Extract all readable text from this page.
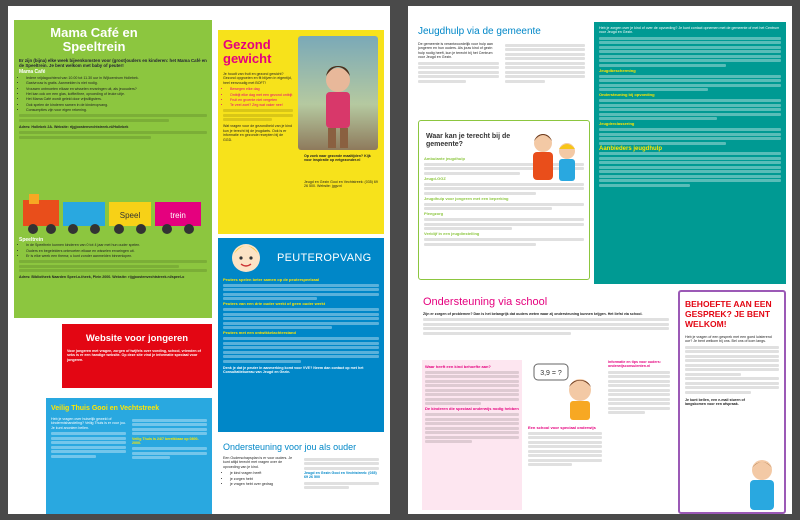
Mama Café en Speeltrein
Er zijn (bijna) elke week bijeenkomsten voor (groot)ouders en kinderen: het Mama Café en de Speeltrein. Je bent welkom met baby of peuter!
Mama Café
• Iedere vrijdagochtend van 10.00 tot 11.30 uur in Wijkcentrum Hollebek.
• Gastvrouw is gratis. Aanmelden is niet nodig.
• Vrouwen ontmoeten elkaar en wisselen ervaringen uit, als jeuouders?
• Het kan ook om een glas, koffie/thee, opvoeding of leuke uitje.
• Het Mama Café wordt geleid door vrijwilligsters.
• Ook spelen de kinderen samen in de kinderopvang.
• Consumpties zijn voor eigen rekening.
Adres: Hollebek 2A. Website: rijgjoostenvechtstreek.nl/Hollebek
Speel	trein
Speeltrein
• In de Speeltrein kunnen kinderen van 0 tot 4 jaar met hun ouder spelen.
• Ouders en begeleiders ontmoeten elkaar en wisselen ervaringen uit.
• Er is elke week een thema; u kunt zonder aanmelden binnenlopen.
Adres: Bibliotheek Naarden Speel-o-theek, Plein 2000. Website: rijgjoostenvechtstreek.nl/speel-o
Gezond gewicht
Je houdt van fruit en gezond gewicht? Gezond opgroeien en fit blijven in eigentijd, heel eenvoudig met BOFT!
• Bewegen elke dag
• Ontbijt elke dag met een gezond ontbijt
• Fruit en groente niet vergeten
• Te veel zoet? Zeg wat vaker nee!
Wat vragen voor de gezondheid van je kind kun je terecht bij de jeugdarts. Ook is er informatie en gezonde recepten bij de GGD.
Op zoek naar gezonde maaltijden? Kijk voor inspiratie op eetgezonder.nl
Jeugd en Gezin Gooi en Vechtstreek: (035) 69 26 500. Website: jggv.nl
PEUTEROPVANG
Peuters spelen beter samen op de peuterspeelzaal
Peuters van een drie ouder werkt of geen ouder werkt
Peuters met een ontwikkelachterstand
Denk je dat je peuter in aanmerking komt voor VVE? Neem dan contact op met het Consultatiebureau van Jeugd en Gezin.
Website voor jongeren
Voor jongeren met vragen, zorgen of twijfels over voeding, school, vrienden of seks is er een handige website. Op deze site vind je informatie speciaal voor jongeren.
Veilig Thuis Gooi en Vechtstreek
Heb je vragen over huiselijk geweld of kindermishandeling? Veilig Thuis is er voor jou. Je kunt anoniem bellen.
Veilig Thuis is 24/7 bereikbaar op 0800-2000.	Ondersteuning voor jou als ouder
Een Ouderschapsplan is er voor ouders. Je kunt altijd terecht met vragen over de opvoeding van je kind.
• je kind vragen heeft
• je zorgen hebt
• je vragen hebt over gedrag
Jeugd en Gezin Gooi en Vechtstreek: (035) 69 26 500
Jeugdhulp via de gemeente
De gemeente is verantwoordelijk voor hulp aan jongeren en hun ouders. Als jouw kind of gezin hulp nodig heeft, kun je terecht bij het Centrum voor Jeugd en Gezin.
Waar kan je terecht bij de gemeente?
Ambulante jeugdhulp
Jeugd-GGZ
Jeugdhulp voor jongeren met een beperking
Pleegzorg
Verblijf in een jeugdinstelling
Heb je zorgen over je kind of over de opvoeding? Je kunt contact opnemen met de gemeente of met het Centrum voor Jeugd en Gezin.
Jeugdbescherming
Ondersteuning bij opvoeding
Jeugdreclassering
Aanbieders jeugdhulp
Ondersteuning via school
Zijn er zorgen of problemen? Dan is het belangrijk dat ouders weten waar zij ondersteuning kunnen krijgen. Het liefst via school.
Waar heeft een kind behoefte aan?
De kinderen die speciaal onderwijs nodig hebben
3,9 = ?
Een school voor speciaal onderwijs
Informatie en tips voor ouders: onderwijsconsulenten.nl
BEHOEFTE AAN EEN GESPREK? JE BENT WELKOM!
Heb je vragen of een gesprek met een goed luisterend oor? Je bent welkom bij ons. Bel ons of kom langs.
Je kunt bellen, een e-mail sturen of langskomen voor een afspraak.
